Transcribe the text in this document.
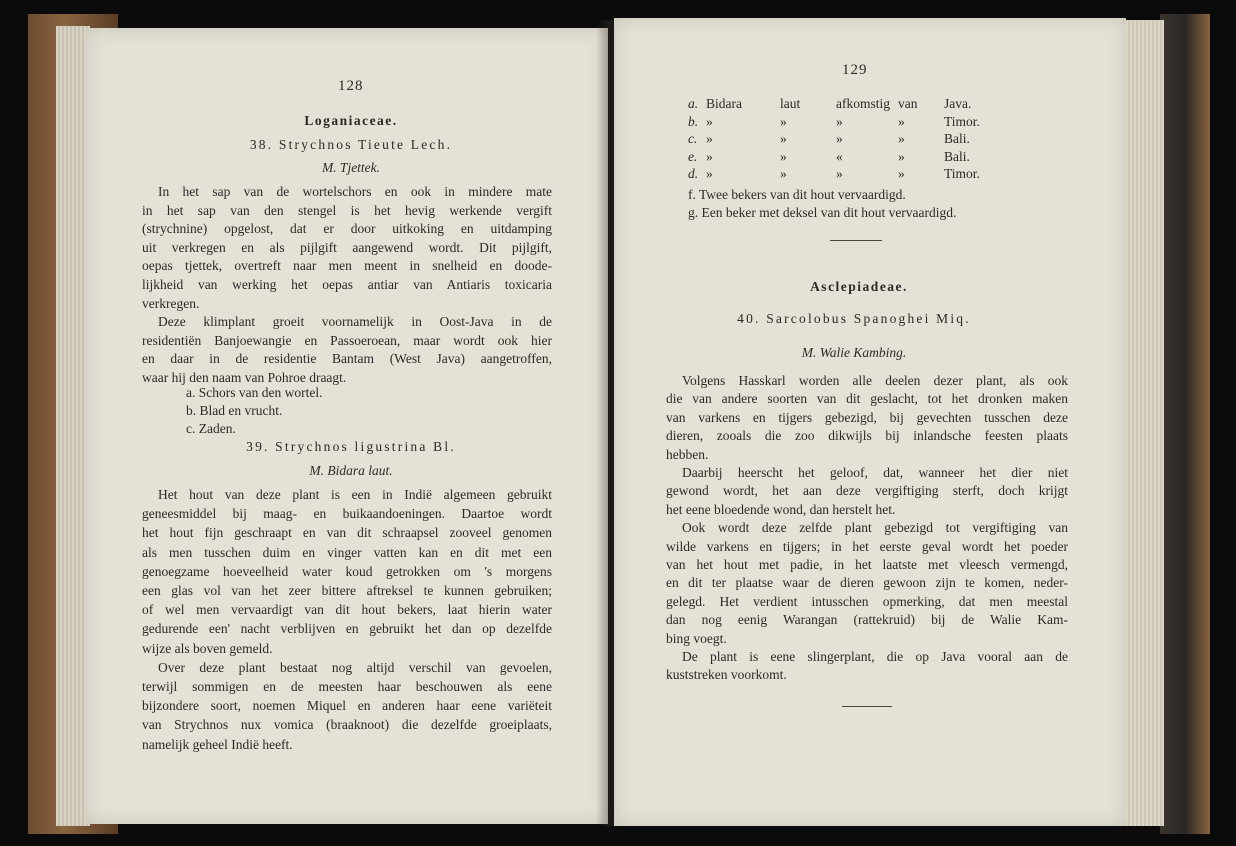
128
Loganiaceae.
38. Strychnos Tieute Lech.
M. Tjettek.
In het sap van de wortelschors en ook in mindere mate
in het sap van den stengel is het hevig werkende vergift
(strychnine) opgelost, dat er door uitkoking en uitdamping
uit verkregen en als pijlgift aangewend wordt. Dit pijlgift,
oepas tjettek, overtreft naar men meent in snelheid en doode-
lijkheid van werking het oepas antiar van Antiaris toxicaria
verkregen.
Deze klimplant groeit voornamelijk in Oost-Java in de
residentiën Banjoewangie en Passoeroean, maar wordt ook hier
en daar in de residentie Bantam (West Java) aangetroffen,
waar hij den naam van Pohroe draagt.
a. Schors van den wortel.
b. Blad en vrucht.
c. Zaden.
39. Strychnos ligustrina Bl.
M. Bidara laut.
Het hout van deze plant is een in Indië algemeen gebruikt
geneesmiddel bij maag- en buikaandoeningen. Daartoe wordt
het hout fijn geschraapt en van dit schraapsel zooveel genomen
als men tusschen duim en vinger vatten kan en dit met een
genoegzame hoeveelheid water koud getrokken om 's morgens
een glas vol van het zeer bittere aftreksel te kunnen gebruiken;
of wel men vervaardigt van dit hout bekers, laat hierin water
gedurende een' nacht verblijven en gebruikt het dan op dezelfde
wijze als boven gemeld.
Over deze plant bestaat nog altijd verschil van gevoelen,
terwijl sommigen en de meesten haar beschouwen als eene
bijzondere soort, noemen Miquel en anderen haar eene variëteit
van Strychnos nux vomica (braaknoot) die dezelfde groeiplaats,
namelijk geheel Indië heeft.
129
a. Bidara	laut	afkomstig van Java.
b. »	»	»	»	Timor.
c. »	»	»	»	Bali.
e. »	»	«	»	Bali.
d. »	»	»	»	Timor.
f. Twee bekers van dit hout vervaardigd.
g. Een beker met deksel van dit hout vervaardigd.
Asclepiadeae.
40. Sarcolobus Spanoghei Miq.
M. Walie Kambing.
Volgens Hasskarl worden alle deelen dezer plant, als ook
die van andere soorten van dit geslacht, tot het dronken maken
van varkens en tijgers gebezigd, bij gevechten tusschen deze
dieren, zooals die zoo dikwijls bij inlandsche feesten plaats
hebben.
Daarbij heerscht het geloof, dat, wanneer het dier niet
gewond wordt, het aan deze vergiftiging sterft, doch krijgt
het eene bloedende wond, dan herstelt het.
Ook wordt deze zelfde plant gebezigd tot vergiftiging van
wilde varkens en tijgers; in het eerste geval wordt het poeder
van het hout met padie, in het laatste met vleesch vermengd,
en dit ter plaatse waar de dieren gewoon zijn te komen, neder-
gelegd. Het verdient intusschen opmerking, dat men meestal
dan nog eenig Warangan (rattekruid) bij de Walie Kam-
bing voegt.
De plant is eene slingerplant, die op Java vooral aan de
kuststreken voorkomt.
